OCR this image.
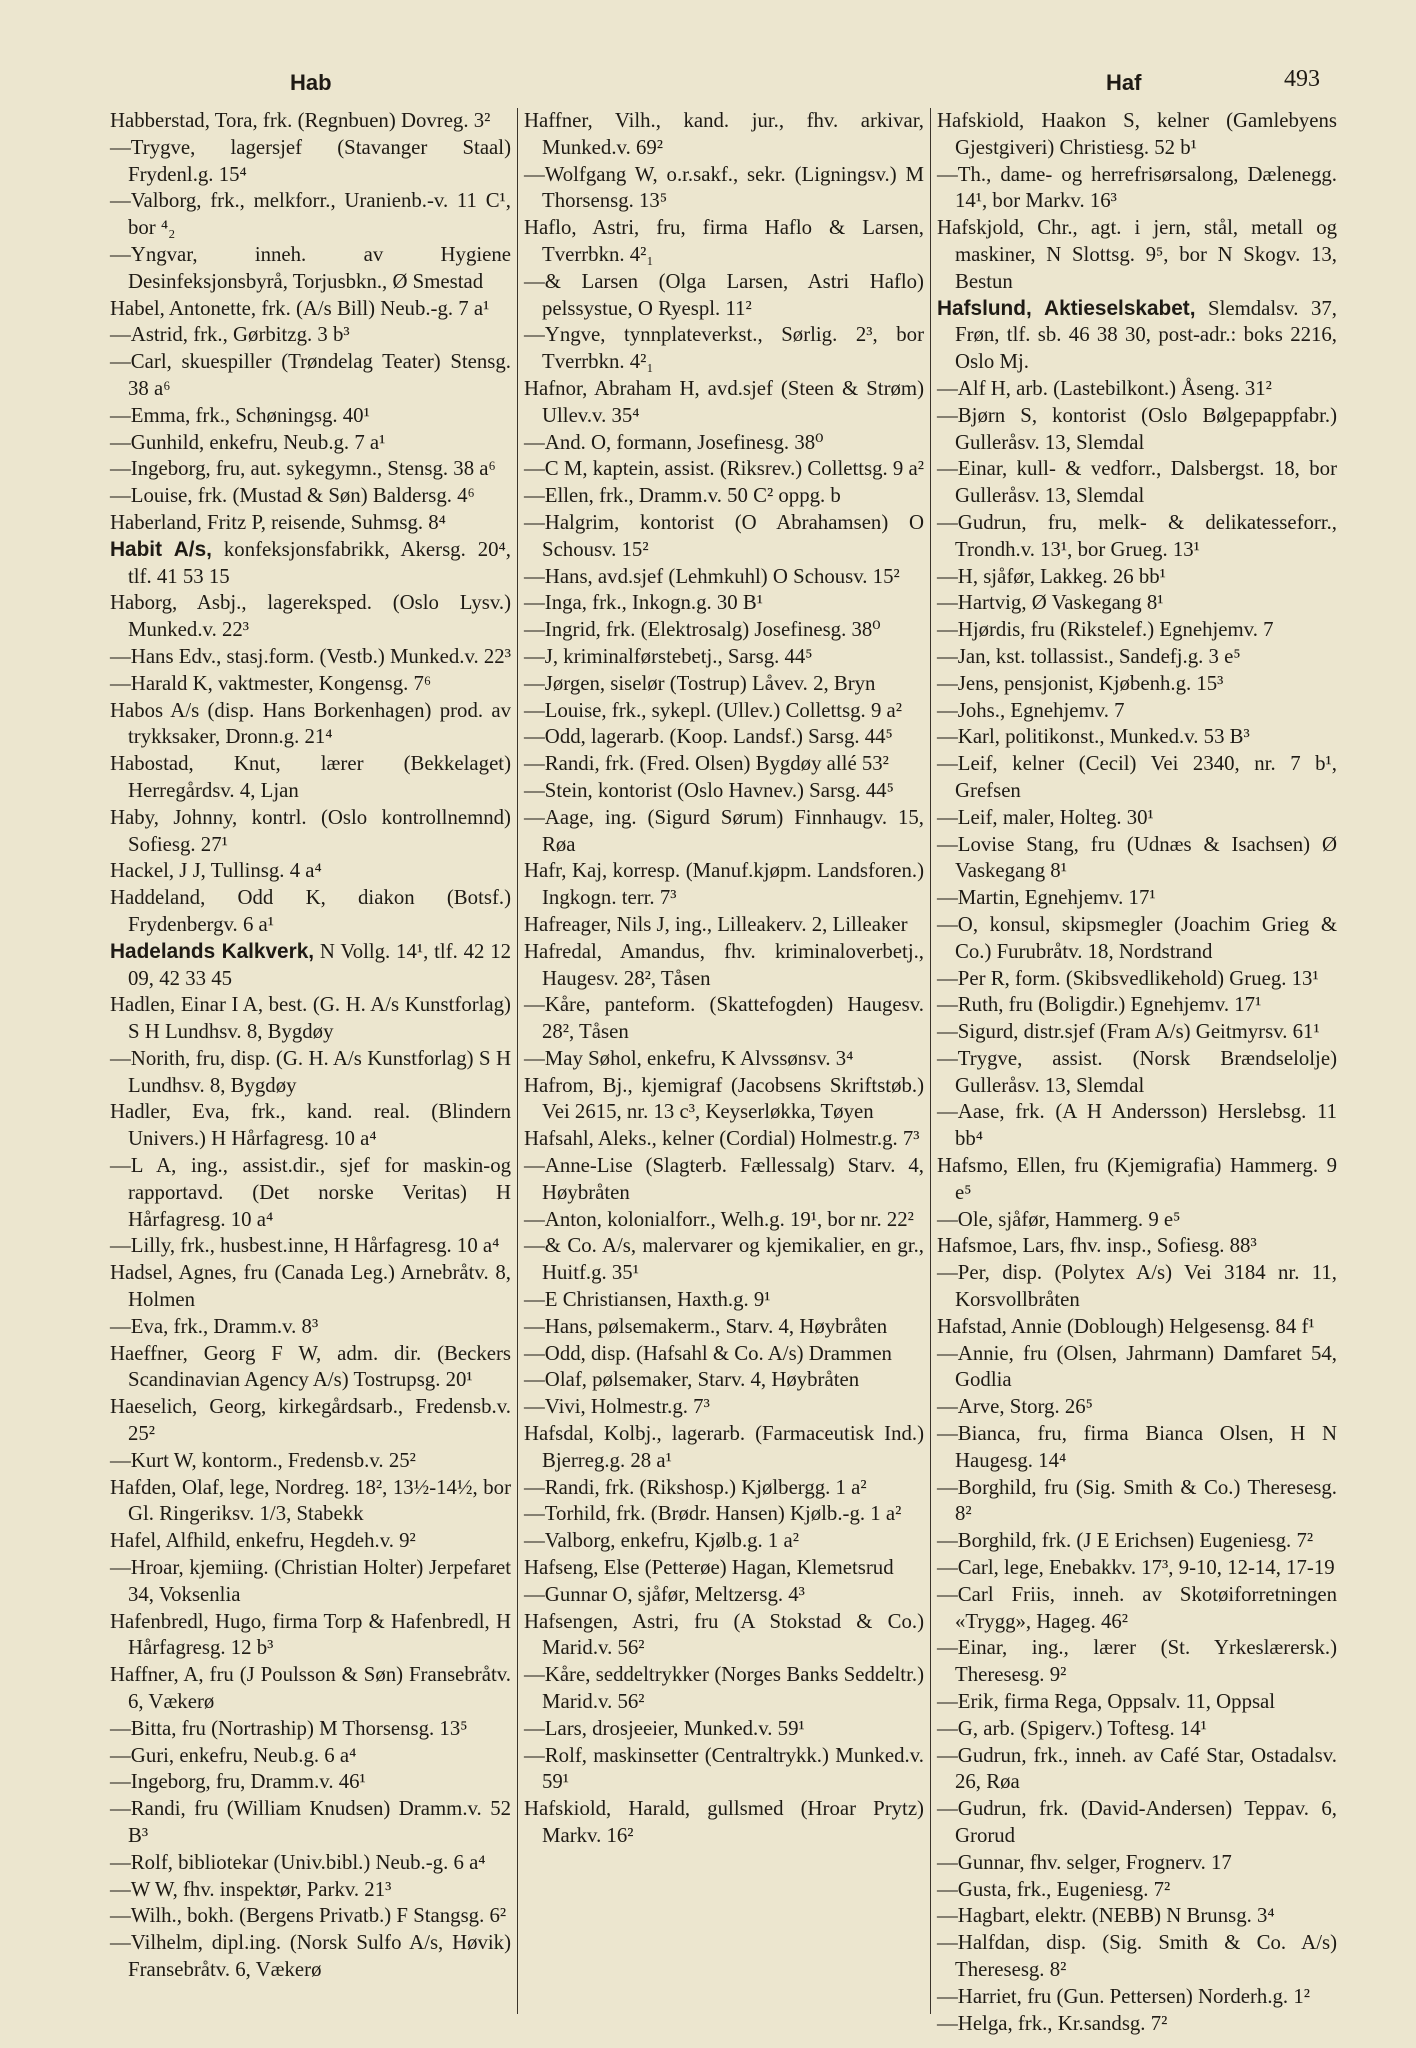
Hab	Haf	493

Habberstad, Tora, frk. (Regnbuen) Dovreg. 3²

—Trygve, lagersjef (Stavanger Staal) Frydenl.g. 15⁴

—Valborg, frk., melkforr., Uranienb.-v. 11 C¹, bor ⁴₂

—Yngvar, inneh. av Hygiene Desinfeksjonsbyrå, Torjusbkn., Ø Smestad

Habel, Antonette, frk. (A/s Bill) Neub.-g. 7 a¹

—Astrid, frk., Gørbitzg. 3 b³

—Carl, skuespiller (Trøndelag Teater) Stensg. 38 a⁶

—Emma, frk., Schøningsg. 40¹

—Gunhild, enkefru, Neub.g. 7 a¹

—Ingeborg, fru, aut. sykegymn., Stensg. 38 a⁶

—Louise, frk. (Mustad & Søn) Baldersg. 4⁶

Haberland, Fritz P, reisende, Suhmsg. 8⁴

Habit A/s, konfeksjonsfabrikk, Akersg. 20⁴, tlf. 41 53 15

Haborg, Asbj., lagereksped. (Oslo Lysv.) Munked.v. 22³

—Hans Edv., stasj.form. (Vestb.) Munked.v. 22³

—Harald K, vaktmester, Kongensg. 7⁶

Habos A/s (disp. Hans Borkenhagen) prod. av trykksaker, Dronn.g. 21⁴

Habostad, Knut, lærer (Bekkelaget) Herregårdsv. 4, Ljan

Haby, Johnny, kontrl. (Oslo kontrollnemnd) Sofiesg. 27¹

Hackel, J J, Tullinsg. 4 a⁴

Haddeland, Odd K, diakon (Botsf.) Frydenbergv. 6 a¹

Hadelands Kalkverk, N Vollg. 14¹, tlf. 42 12 09, 42 33 45

Hadlen, Einar I A, best. (G. H. A/s Kunstforlag) S H Lundhsv. 8, Bygdøy

—Norith, fru, disp. (G. H. A/s Kunstforlag) S H Lundhsv. 8, Bygdøy

Hadler, Eva, frk., kand. real. (Blindern Univers.) H Hårfagresg. 10 a⁴

—L A, ing., assist.dir., sjef for maskin-og rapportavd. (Det norske Veritas) H Hårfagresg. 10 a⁴

—Lilly, frk., husbest.inne, H Hårfagresg. 10 a⁴

Hadsel, Agnes, fru (Canada Leg.) Arnebråtv. 8, Holmen

—Eva, frk., Dramm.v. 8³

Haeffner, Georg F W, adm. dir. (Beckers Scandinavian Agency A/s) Tostrupsg. 20¹

Haeselich, Georg, kirkegårdsarb., Fredensb.v. 25²

—Kurt W, kontorm., Fredensb.v. 25²

Hafden, Olaf, lege, Nordreg. 18², 13½-14½, bor Gl. Ringeriksv. 1/3, Stabekk

Hafel, Alfhild, enkefru, Hegdeh.v. 9²

—Hroar, kjemiing. (Christian Holter) Jerpefaret 34, Voksenlia

Hafenbredl, Hugo, firma Torp & Hafenbredl, H Hårfagresg. 12 b³

Haffner, A, fru (J Poulsson & Søn) Fransebråtv. 6, Vækerø

—Bitta, fru (Nortraship) M Thorsensg. 13⁵

—Guri, enkefru, Neub.g. 6 a⁴

—Ingeborg, fru, Dramm.v. 46¹

—Randi, fru (William Knudsen) Dramm.v. 52 B³

—Rolf, bibliotekar (Univ.bibl.) Neub.-g. 6 a⁴

—W W, fhv. inspektør, Parkv. 21³

—Wilh., bokh. (Bergens Privatb.) F Stangsg. 6²

—Vilhelm, dipl.ing. (Norsk Sulfo A/s, Høvik) Fransebråtv. 6, Vækerø

Haffner, Vilh., kand. jur., fhv. arkivar, Munked.v. 69²

—Wolfgang W, o.r.sakf., sekr. (Ligningsv.) M Thorsensg. 13⁵

Haflo, Astri, fru, firma Haflo & Larsen, Tverrbkn. 4²₁

—& Larsen (Olga Larsen, Astri Haflo) pelssystue, O Ryespl. 11²

—Yngve, tynnplateverkst., Sørlig. 2³, bor Tverrbkn. 4²₁

Hafnor, Abraham H, avd.sjef (Steen & Strøm) Ullev.v. 35⁴

—And. O, formann, Josefinesg. 38⁰

—C M, kaptein, assist. (Riksrev.) Collettsg. 9 a²

—Ellen, frk., Dramm.v. 50 C² oppg. b

—Halgrim, kontorist (O Abrahamsen) O Schousv. 15²

—Hans, avd.sjef (Lehmkuhl) O Schousv. 15²

—Inga, frk., Inkogn.g. 30 B¹

—Ingrid, frk. (Elektrosalg) Josefinesg. 38⁰

—J, kriminalførstebetj., Sarsg. 44⁵

—Jørgen, siselør (Tostrup) Låvev. 2, Bryn

—Louise, frk., sykepl. (Ullev.) Collettsg. 9 a²

—Odd, lagerarb. (Koop. Landsf.) Sarsg. 44⁵

—Randi, frk. (Fred. Olsen) Bygdøy allé 53²

—Stein, kontorist (Oslo Havnev.) Sarsg. 44⁵

—Aage, ing. (Sigurd Sørum) Finnhaugv. 15, Røa

Hafr, Kaj, korresp. (Manuf.kjøpm. Landsforen.) Ingkogn. terr. 7³

Hafreager, Nils J, ing., Lilleakerv. 2, Lilleaker

Hafredal, Amandus, fhv. kriminaloverbetj., Haugesv. 28², Tåsen

—Kåre, panteform. (Skattefogden) Haugesv. 28², Tåsen

—May Søhol, enkefru, K Alvssønsv. 3⁴

Hafrom, Bj., kjemigraf (Jacobsens Skriftstøb.) Vei 2615, nr. 13 c³, Keyserløkka, Tøyen

Hafsahl, Aleks., kelner (Cordial) Holmestr.g. 7³

—Anne-Lise (Slagterb. Fællessalg) Starv. 4, Høybråten

—Anton, kolonialforr., Welh.g. 19¹, bor nr. 22²

—& Co. A/s, malervarer og kjemikalier, en gr., Huitf.g. 35¹

—E Christiansen, Haxth.g. 9¹

—Hans, pølsemakerm., Starv. 4, Høybråten

—Odd, disp. (Hafsahl & Co. A/s) Drammen

—Olaf, pølsemaker, Starv. 4, Høybråten

—Vivi, Holmestr.g. 7³

Hafsdal, Kolbj., lagerarb. (Farmaceutisk Ind.) Bjerreg.g. 28 a¹

—Randi, frk. (Rikshosp.) Kjølbergg. 1 a²

—Torhild, frk. (Brødr. Hansen) Kjølb.-g. 1 a²

—Valborg, enkefru, Kjølb.g. 1 a²

Hafseng, Else (Petterøe) Hagan, Klemetsrud

—Gunnar O, sjåfør, Meltzersg. 4³

Hafsengen, Astri, fru (A Stokstad & Co.) Marid.v. 56²

—Kåre, seddeltrykker (Norges Banks Seddeltr.) Marid.v. 56²

—Lars, drosjeeier, Munked.v. 59¹

—Rolf, maskinsetter (Centraltrykk.) Munked.v. 59¹

Hafskiold, Harald, gullsmed (Hroar Prytz) Markv. 16²

Hafskiold, Haakon S, kelner (Gamlebyens Gjestgiveri) Christiesg. 52 b¹

—Th., dame- og herrefrisørsalong, Dælenegg. 14¹, bor Markv. 16³

Hafskjold, Chr., agt. i jern, stål, metall og maskiner, N Slottsg. 9⁵, bor N Skogv. 13, Bestun

Hafslund, Aktieselskabet, Slemdalsv. 37, Frøn, tlf. sb. 46 38 30, post-adr.: boks 2216, Oslo Mj.

—Alf H, arb. (Lastebilkont.) Åseng. 31²

—Bjørn S, kontorist (Oslo Bølgepappfabr.) Gulleråsv. 13, Slemdal

—Einar, kull- & vedforr., Dalsbergst. 18, bor Gulleråsv. 13, Slemdal

—Gudrun, fru, melk- & delikatesseforr., Trondh.v. 13¹, bor Grueg. 13¹

—H, sjåfør, Lakkeg. 26 bb¹

—Hartvig, Ø Vaskegang 8¹

—Hjørdis, fru (Rikstelef.) Egnehjemv. 7

—Jan, kst. tollassist., Sandefj.g. 3 e⁵

—Jens, pensjonist, Kjøbenh.g. 15³

—Johs., Egnehjemv. 7

—Karl, politikonst., Munked.v. 53 B³

—Leif, kelner (Cecil) Vei 2340, nr. 7 b¹, Grefsen

—Leif, maler, Holteg. 30¹

—Lovise Stang, fru (Udnæs & Isachsen) Ø Vaskegang 8¹

—Martin, Egnehjemv. 17¹

—O, konsul, skipsmegler (Joachim Grieg & Co.) Furubråtv. 18, Nordstrand

—Per R, form. (Skibsvedlikehold) Grueg. 13¹

—Ruth, fru (Boligdir.) Egnehjemv. 17¹

—Sigurd, distr.sjef (Fram A/s) Geitmyrsv. 61¹

—Trygve, assist. (Norsk Brændselolje) Gulleråsv. 13, Slemdal

—Aase, frk. (A H Andersson) Herslebsg. 11 bb⁴

Hafsmo, Ellen, fru (Kjemigrafia) Hammerg. 9 e⁵

—Ole, sjåfør, Hammerg. 9 e⁵

Hafsmoe, Lars, fhv. insp., Sofiesg. 88³

—Per, disp. (Polytex A/s) Vei 3184 nr. 11, Korsvollbråten

Hafstad, Annie (Doblough) Helgesensg. 84 f¹

—Annie, fru (Olsen, Jahrmann) Damfaret 54, Godlia

—Arve, Storg. 26⁵

—Bianca, fru, firma Bianca Olsen, H N Haugesg. 14⁴

—Borghild, fru (Sig. Smith & Co.) Theresesg. 8²

—Borghild, frk. (J E Erichsen) Eugeniesg. 7²

—Carl, lege, Enebakkv. 17³, 9-10, 12-14, 17-19

—Carl Friis, inneh. av Skotøiforretningen «Trygg», Hageg. 46²

—Einar, ing., lærer (St. Yrkeslærersk.) Theresesg. 9²

—Erik, firma Rega, Oppsalv. 11, Oppsal

—G, arb. (Spigerv.) Toftesg. 14¹

—Gudrun, frk., inneh. av Café Star, Ostadalsv. 26, Røa

—Gudrun, frk. (David-Andersen) Teppav. 6, Grorud

—Gunnar, fhv. selger, Frognerv. 17

—Gusta, frk., Eugeniesg. 7²

—Hagbart, elektr. (NEBB) N Brunsg. 3⁴

—Halfdan, disp. (Sig. Smith & Co. A/s) Theresesg. 8²

—Harriet, fru (Gun. Pettersen) Norderh.g. 1²

—Helga, frk., Kr.sandsg. 7²
